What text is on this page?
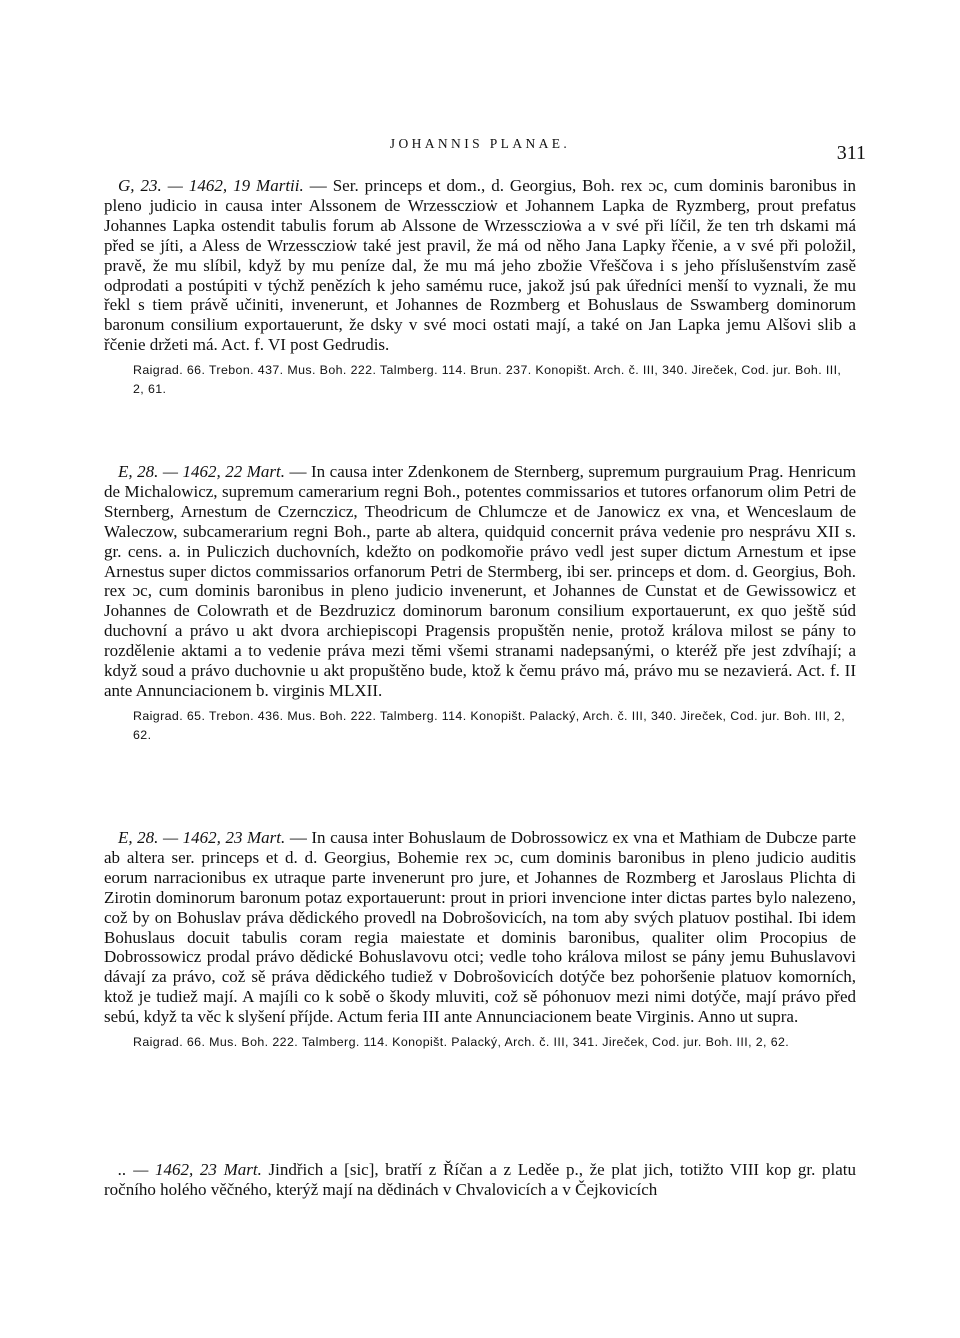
JOHANNIS PLANAE.	311

G, 23. — 1462, 19 Martii. — Ser. princeps et dom., d. Georgius, Boh. rex ɔc, cum dominis baronibus in pleno judicio in causa inter Alssonem de Wrzessczioẇ et Johannem Lapka de Ryzmberg, prout prefatus Johannes Lapka ostendit tabulis forum ab Alssone de Wrzessczioẇa a v své při líčil, že ten trh dskami má před se jíti, a Aless de Wrzessczioẇ také jest pravil, že má od něho Jana Lapky řčenie, a v své při položil, pravě, že mu slíbil, když by mu peníze dal, že mu má jeho zbožie Vřeščova i s jeho příslušenstvím zasě odprodati a postúpiti v týchž penězích k jeho samému ruce, jakož jsú pak úředníci menší to vyznali, že mu řekl s tiem právě učiniti, invenerunt, et Johannes de Rozmberg et Bohuslaus de Sswamberg dominorum baronum consilium exportauerunt, že dsky v své moci ostati mají, a také on Jan Lapka jemu Alšovi slib a řčenie držeti má. Act. f. VI post Gedrudis.

Raigrad. 66. Trebon. 437. Mus. Boh. 222. Talmberg. 114. Brun. 237. Konopišt. Arch. č. III, 340. Jireček, Cod. jur. Boh. III, 2, 61.

E, 28. — 1462, 22 Mart. — In causa inter Zdenkonem de Sternberg, supremum purgrauium Prag. Henricum de Michalowicz, supremum camerarium regni Boh., potentes commissarios et tutores orfanorum olim Petri de Sternberg, Arnestum de Czernczicz, Theodricum de Chlumcze et de Janowicz ex vna, et Wenceslaum de Waleczow, subcamerarium regni Boh., parte ab altera, quidquid concernit práva vedenie pro nesprávu XII s. gr. cens. a. in Puliczich duchovních, kdežto on podkomořie právo vedl jest super dictum Arnestum et ipse Arnestus super dictos commissarios orfanorum Petri de Stermberg, ibi ser. princeps et dom. d. Georgius, Boh. rex ɔc, cum dominis baronibus in pleno judicio invenerunt, et Johannes de Cunstat et de Gewissowicz et Johannes de Colowrath et de Bezdruzicz dominorum baronum consilium exportauerunt, ex quo ještě súd duchovní a právo u akt dvora archiepiscopi Pragensis propuštěn nenie, protož králova milost se pány to rozdělenie aktami a to vedenie práva mezi těmi všemi stranami nadepsanými, o kteréž pře jest zdvíhají; a když soud a právo duchovnie u akt propuštěno bude, ktož k čemu právo má, právo mu se nezavierá. Act. f. II ante Annunciacionem b. virginis MLXII.

Raigrad. 65. Trebon. 436. Mus. Boh. 222. Talmberg. 114. Konopišt. Palacký, Arch. č. III, 340. Jireček, Cod. jur. Boh. III, 2, 62.

E, 28. — 1462, 23 Mart. — In causa inter Bohuslaum de Dobrossowicz ex vna et Mathiam de Dubcze parte ab altera ser. princeps et d. d. Georgius, Bohemie rex ɔc, cum dominis baronibus in pleno judicio auditis eorum narracionibus ex utraque parte invenerunt pro jure, et Johannes de Rozmberg et Jaroslaus Plichta di Zirotin dominorum baronum potaz exportauerunt: prout in priori invencione inter dictas partes bylo nalezeno, což by on Bohuslav práva dědického provedl na Dobrošovicích, na tom aby svých platuov postihal. Ibi idem Bohuslaus docuit tabulis coram regia maiestate et dominis baronibus, qualiter olim Procopius de Dobrossowicz prodal právo dědické Bohuslavovu otci; vedle toho králova milost se pány jemu Buhuslavovi dávají za právo, což sě práva dědického tudiež v Dobrošovicích dotýče bez pohoršenie platuov komorních, ktož je tudiež mají. A majíli co k sobě o škody mluviti, což sě póhonuov mezi nimi dotýče, mají právo před sebú, když ta věc k slyšení příjde. Actum feria III ante Annunciacionem beate Virginis. Anno ut supra.

Raigrad. 66. Mus. Boh. 222. Talmberg. 114. Konopišt. Palacký, Arch. č. III, 341. Jireček, Cod. jur. Boh. III, 2, 62.

.. — 1462, 23 Mart. Jindřich a [sic], bratří z Říčan a z Leděe p., že plat jich, totižto VIII kop gr. platu ročního holého věčného, kterýž mají na dědinách v Chvalovicích a v Čejkovicích
